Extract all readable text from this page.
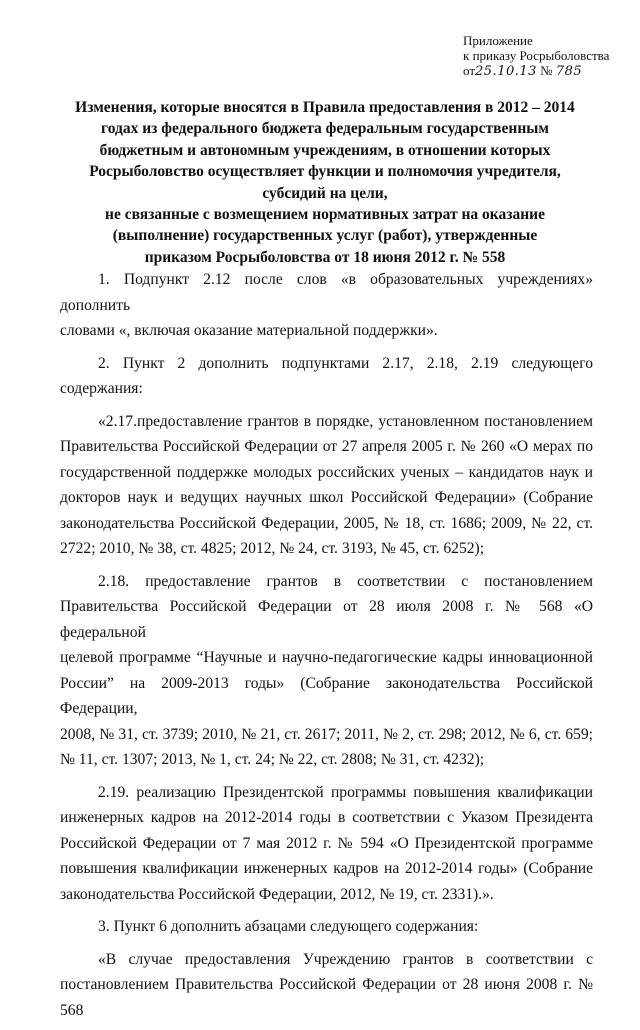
Приложение
к приказу Росрыболовства
от25.10.13 № 785
Изменения, которые вносятся в Правила предоставления в 2012 – 2014
годах из федерального бюджета федеральным государственным
бюджетным и автономным учреждениям, в отношении которых
Росрыболовство осуществляет функции и полномочия учредителя,
субсидий на цели,
не связанные с возмещением нормативных затрат на оказание
(выполнение) государственных услуг (работ), утвержденные
приказом Росрыболовства от 18 июня 2012 г. № 558
1. Подпункт 2.12 после слов «в образовательных учреждениях» дополнить
словами «, включая оказание материальной поддержки».
2. Пункт 2 дополнить подпунктами 2.17, 2.18, 2.19 следующего содержания:
«2.17.предоставление грантов в порядке, установленном постановлением
Правительства Российской Федерации от 27 апреля 2005 г. № 260 «О мерах по
государственной поддержке молодых российских ученых – кандидатов наук и
докторов наук и ведущих научных школ Российской Федерации» (Собрание
законодательства Российской Федерации, 2005, № 18, ст. 1686; 2009, № 22, ст.
2722; 2010, № 38, ст. 4825; 2012, № 24, ст. 3193, № 45, ст. 6252);
2.18. предоставление грантов в соответствии с постановлением
Правительства Российской Федерации от 28 июля 2008 г. № 568 «О федеральной
целевой программе “Научные и научно-педагогические кадры инновационной
России” на 2009-2013 годы» (Собрание законодательства Российской Федерации,
2008, № 31, ст. 3739; 2010, № 21, ст. 2617; 2011, № 2, ст. 298; 2012, № 6, ст. 659;
№ 11, ст. 1307; 2013, № 1, ст. 24; № 22, ст. 2808; № 31, ст. 4232);
2.19. реализацию Президентской программы повышения квалификации
инженерных кадров на 2012-2014 годы в соответствии с Указом Президента
Российской Федерации от 7 мая 2012 г. № 594 «О Президентской программе
повышения квалификации инженерных кадров на 2012-2014 годы» (Собрание
законодательства Российской Федерации, 2012, № 19, ст. 2331).».
3. Пункт 6 дополнить абзацами следующего содержания:
«В случае предоставления Учреждению грантов в соответствии с
постановлением Правительства Российской Федерации от 28 июня 2008 г. № 568
